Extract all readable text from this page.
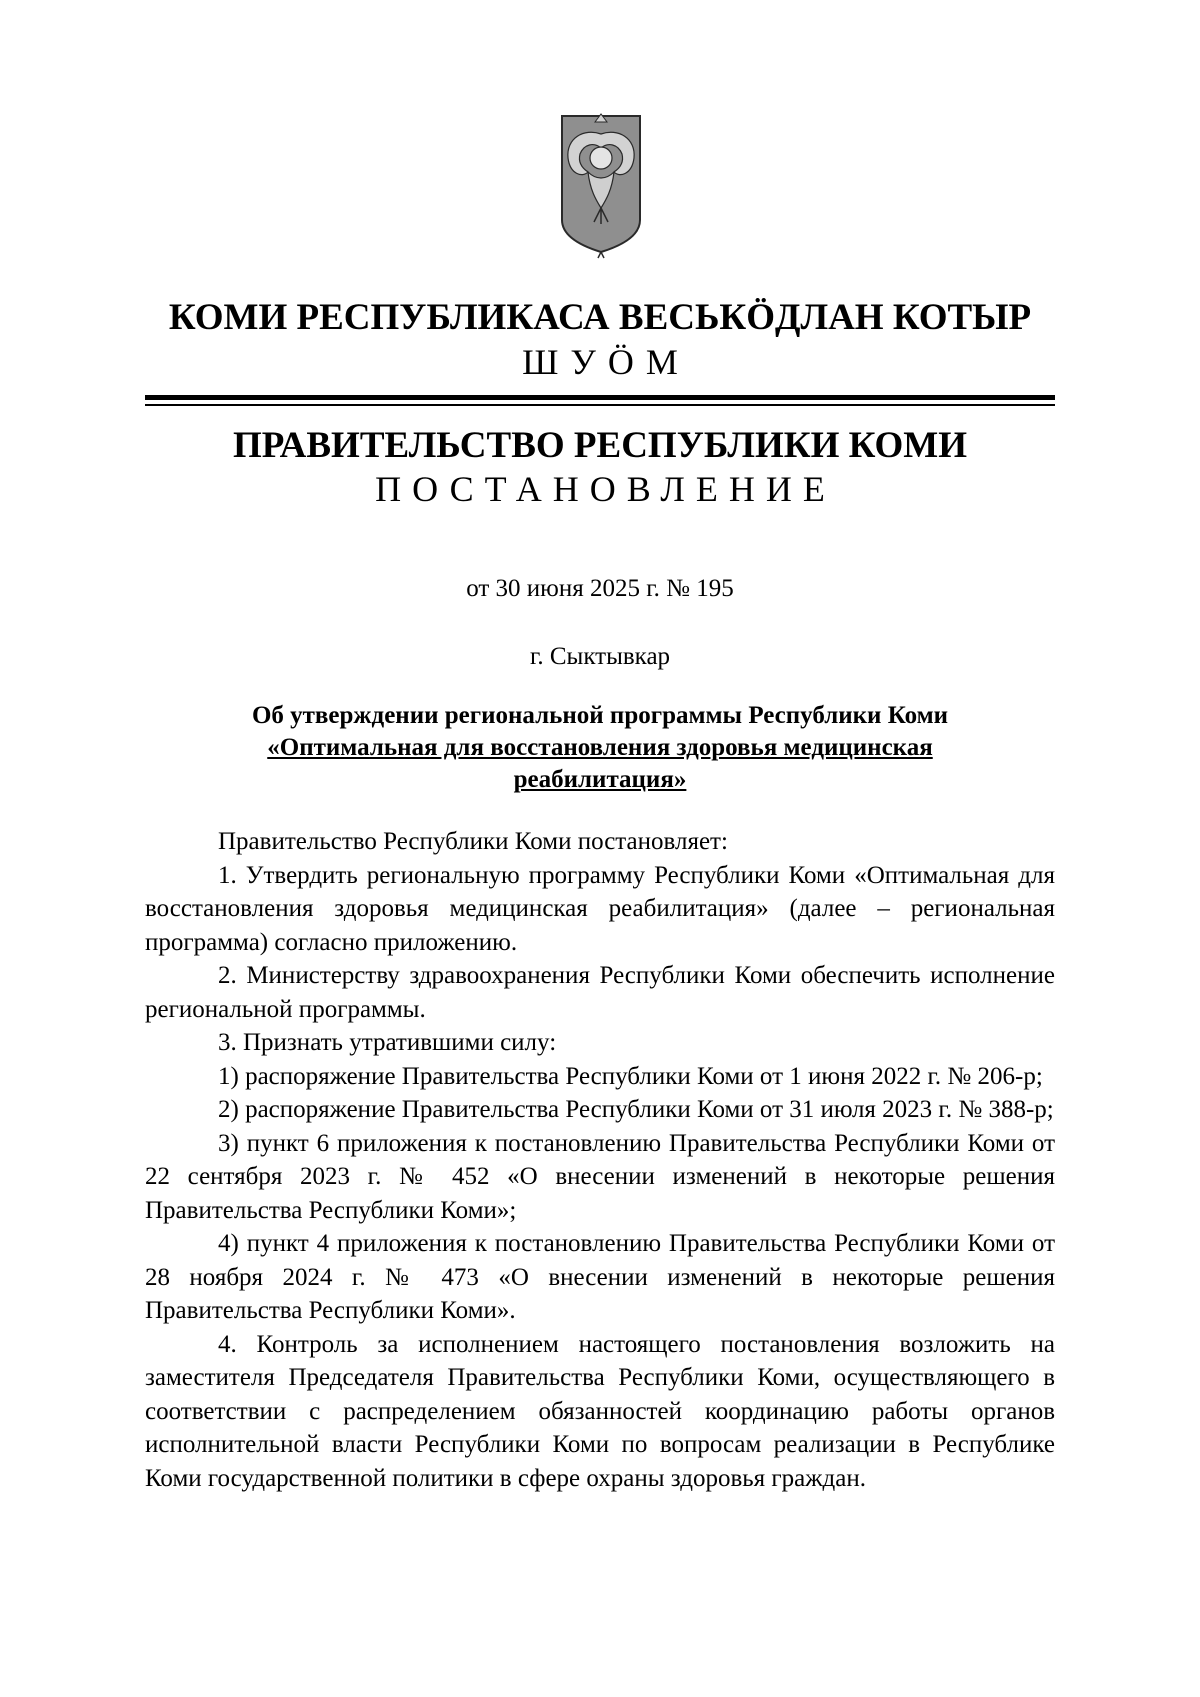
КОМИ РЕСПУБЛИКАСА ВЕСЬКӦДЛАН КОТЫР
ШУӦМ
ПРАВИТЕЛЬСТВО РЕСПУБЛИКИ КОМИ
ПОСТАНОВЛЕНИЕ
от 30 июня 2025 г. № 195
г. Сыктывкар
Об утверждении региональной программы Республики Коми
«Оптимальная для восстановления здоровья медицинская реабилитация»

Правительство Республики Коми постановляет:

1. Утвердить региональную программу Республики Коми «Оптимальная для восстановления здоровья медицинская реабилитация» (далее – региональная программа) согласно приложению.

2. Министерству здравоохранения Республики Коми обеспечить исполнение региональной программы.

3. Признать утратившими силу:

1) распоряжение Правительства Республики Коми от 1 июня 2022 г. № 206-р;

2) распоряжение Правительства Республики Коми от 31 июля 2023 г. № 388-р;

3) пункт 6 приложения к постановлению Правительства Республики Коми от 22 сентября 2023 г. № 452 «О внесении изменений в некоторые решения Правительства Республики Коми»;

4) пункт 4 приложения к постановлению Правительства Республики Коми от 28 ноября 2024 г. № 473 «О внесении изменений в некоторые решения Правительства Республики Коми».

4. Контроль за исполнением настоящего постановления возложить на заместителя Председателя Правительства Республики Коми, осуществляющего в соответствии с распределением обязанностей координацию работы органов исполнительной власти Республики Коми по вопросам реализации в Республике Коми государственной политики в сфере охраны здоровья граждан.
